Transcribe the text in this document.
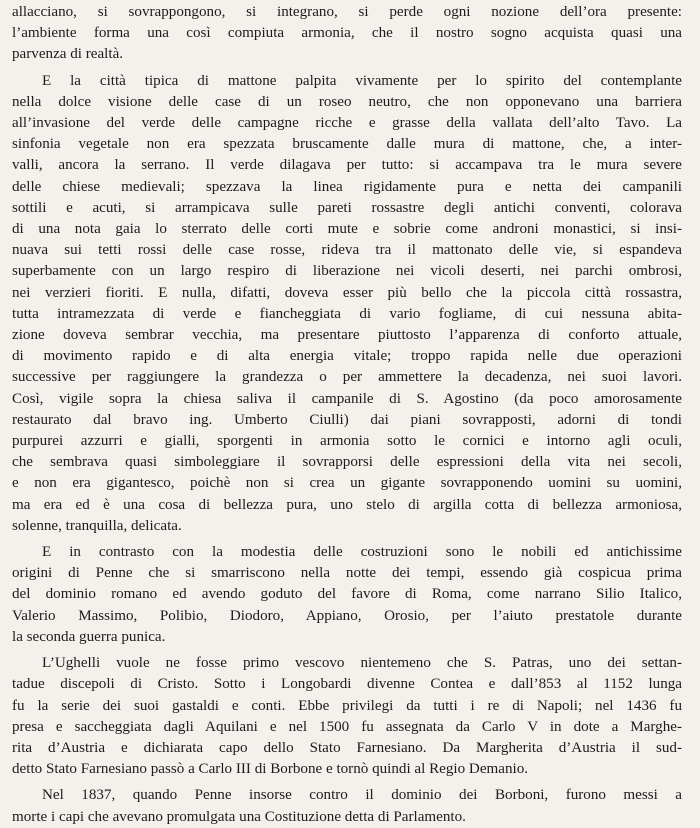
allacciano, si sovrappongono, si integrano, si perde ogni nozione dell’ora presente:
l’ambiente forma una così compiuta armonia, che il nostro sogno acquista quasi una
parvenza di realtà.

E la città tipica di mattone palpita vivamente per lo spirito del contemplante
nella dolce visione delle case di un roseo neutro, che non opponevano una barriera
all’invasione del verde delle campagne ricche e grasse della vallata dell’alto Tavo. La
sinfonia vegetale non era spezzata bruscamente dalle mura di mattone, che, a inter-
valli, ancora la serrano. Il verde dilagava per tutto: si accampava tra le mura severe
delle chiese medievali; spezzava la linea rigidamente pura e netta dei campanili
sottili e acuti, si arrampicava sulle pareti rossastre degli antichi conventi, colorava
di una nota gaia lo sterrato delle corti mute e sobrie come androni monastici, si insi-
nuava sui tetti rossi delle case rosse, rideva tra il mattonato delle vie, si espandeva
superbamente con un largo respiro di liberazione nei vicoli deserti, nei parchi ombrosi,
nei verzieri fioriti. E nulla, difatti, doveva esser più bello che la piccola città rossastra,
tutta intramezzata di verde e fiancheggiata di vario fogliame, di cui nessuna abita-
zione doveva sembrar vecchia, ma presentare piuttosto l’apparenza di conforto attuale,
di movimento rapido e di alta energia vitale; troppo rapida nelle due operazioni
successive per raggiungere la grandezza o per ammettere la decadenza, nei suoi lavori.
Così, vigile sopra la chiesa saliva il campanile di S. Agostino (da poco amorosamente
restaurato dal bravo ing. Umberto Ciulli) dai piani sovrapposti, adorni di tondi
purpurei azzurri e gialli, sporgenti in armonia sotto le cornici e intorno agli oculi,
che sembrava quasi simboleggiare il sovrapporsi delle espressioni della vita nei secoli,
e non era gigantesco, poichè non si crea un gigante sovrapponendo uomini su uomini,
ma era ed è una cosa di bellezza pura, uno stelo di argilla cotta di bellezza armoniosa,
solenne, tranquilla, delicata.

E in contrasto con la modestia delle costruzioni sono le nobili ed antichissime
origini di Penne che si smarriscono nella notte dei tempi, essendo già cospicua prima
del dominio romano ed avendo goduto del favore di Roma, come narrano Silio Italico,
Valerio Massimo, Polibio, Diodoro, Appiano, Orosio, per l’aiuto prestatole durante
la seconda guerra punica.

L’Ughelli vuole ne fosse primo vescovo nientemeno che S. Patras, uno dei settan-
tadue discepoli di Cristo. Sotto i Longobardi divenne Contea e dall’853 al 1152 lunga
fu la serie dei suoi gastaldi e conti. Ebbe privilegi da tutti i re di Napoli; nel 1436 fu
presa e saccheggiata dagli Aquilani e nel 1500 fu assegnata da Carlo V in dote a Marghe-
rita d’Austria e dichiarata capo dello Stato Farnesiano. Da Margherita d’Austria il sud-
detto Stato Farnesiano passò a Carlo III di Borbone e tornò quindi al Regio Demanio.

Nel 1837, quando Penne insorse contro il dominio dei Borboni, furono messi a
morte i capi che avevano promulgata una Costituzione detta di Parlamento.
